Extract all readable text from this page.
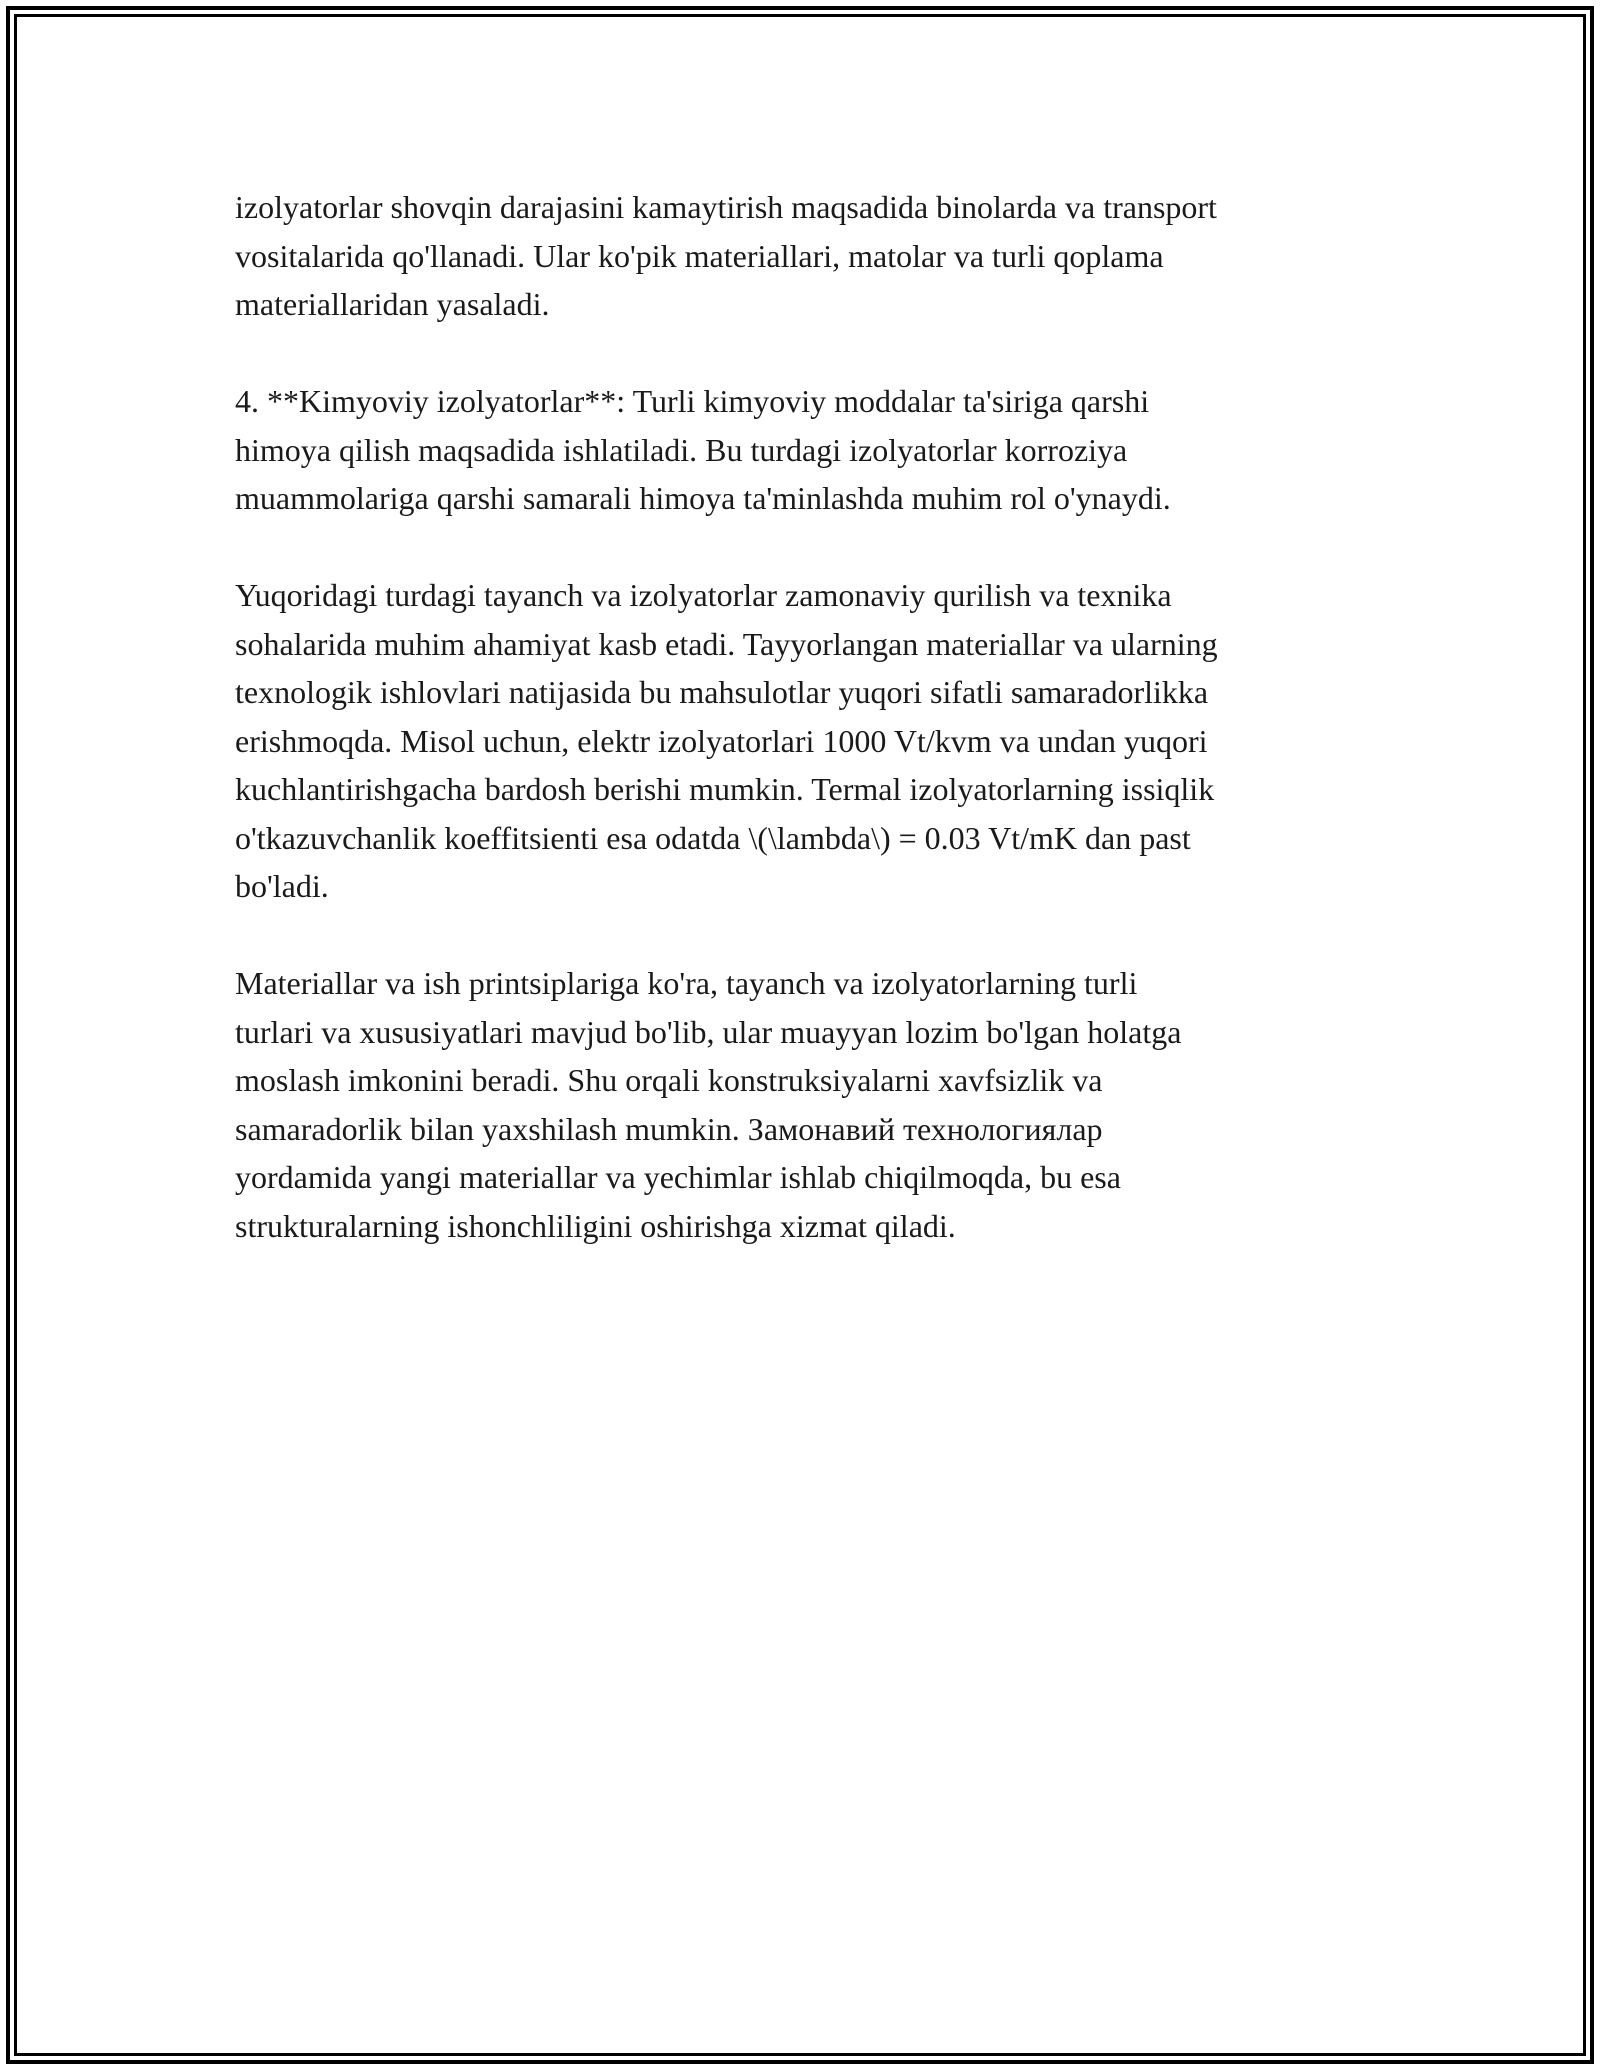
izolyatorlar shovqin darajasini kamaytirish maqsadida binolarda va transport
vositalarida qo'llanadi. Ular ko'pik materiallari, matolar va turli qoplama
materiallaridan yasaladi.

4. **Kimyoviy izolyatorlar**: Turli kimyoviy moddalar ta'siriga qarshi
himoya qilish maqsadida ishlatiladi. Bu turdagi izolyatorlar korroziya
muammolariga qarshi samarali himoya ta'minlashda muhim rol o'ynaydi.

Yuqoridagi turdagi tayanch va izolyatorlar zamonaviy qurilish va texnika
sohalarida muhim ahamiyat kasb etadi. Tayyorlangan materiallar va ularning
texnologik ishlovlari natijasida bu mahsulotlar yuqori sifatli samaradorlikka
erishmoqda. Misol uchun, elektr izolyatorlari 1000 Vt/kvm va undan yuqori
kuchlantirishgacha bardosh berishi mumkin. Termal izolyatorlarning issiqlik
o'tkazuvchanlik koeffitsienti esa odatda \(\lambda\) = 0.03 Vt/mK dan past
bo'ladi.

Materiallar va ish printsiplariga ko'ra, tayanch va izolyatorlarning turli
turlari va xususiyatlari mavjud bo'lib, ular muayyan lozim bo'lgan holatga
moslash imkonini beradi. Shu orqali konstruksiyalarni xavfsizlik va
samaradorlik bilan yaxshilash mumkin. Замонавий технологиялар
yordamida yangi materiallar va yechimlar ishlab chiqilmoqda, bu esa
strukturalarning ishonchliligini oshirishga xizmat qiladi.
